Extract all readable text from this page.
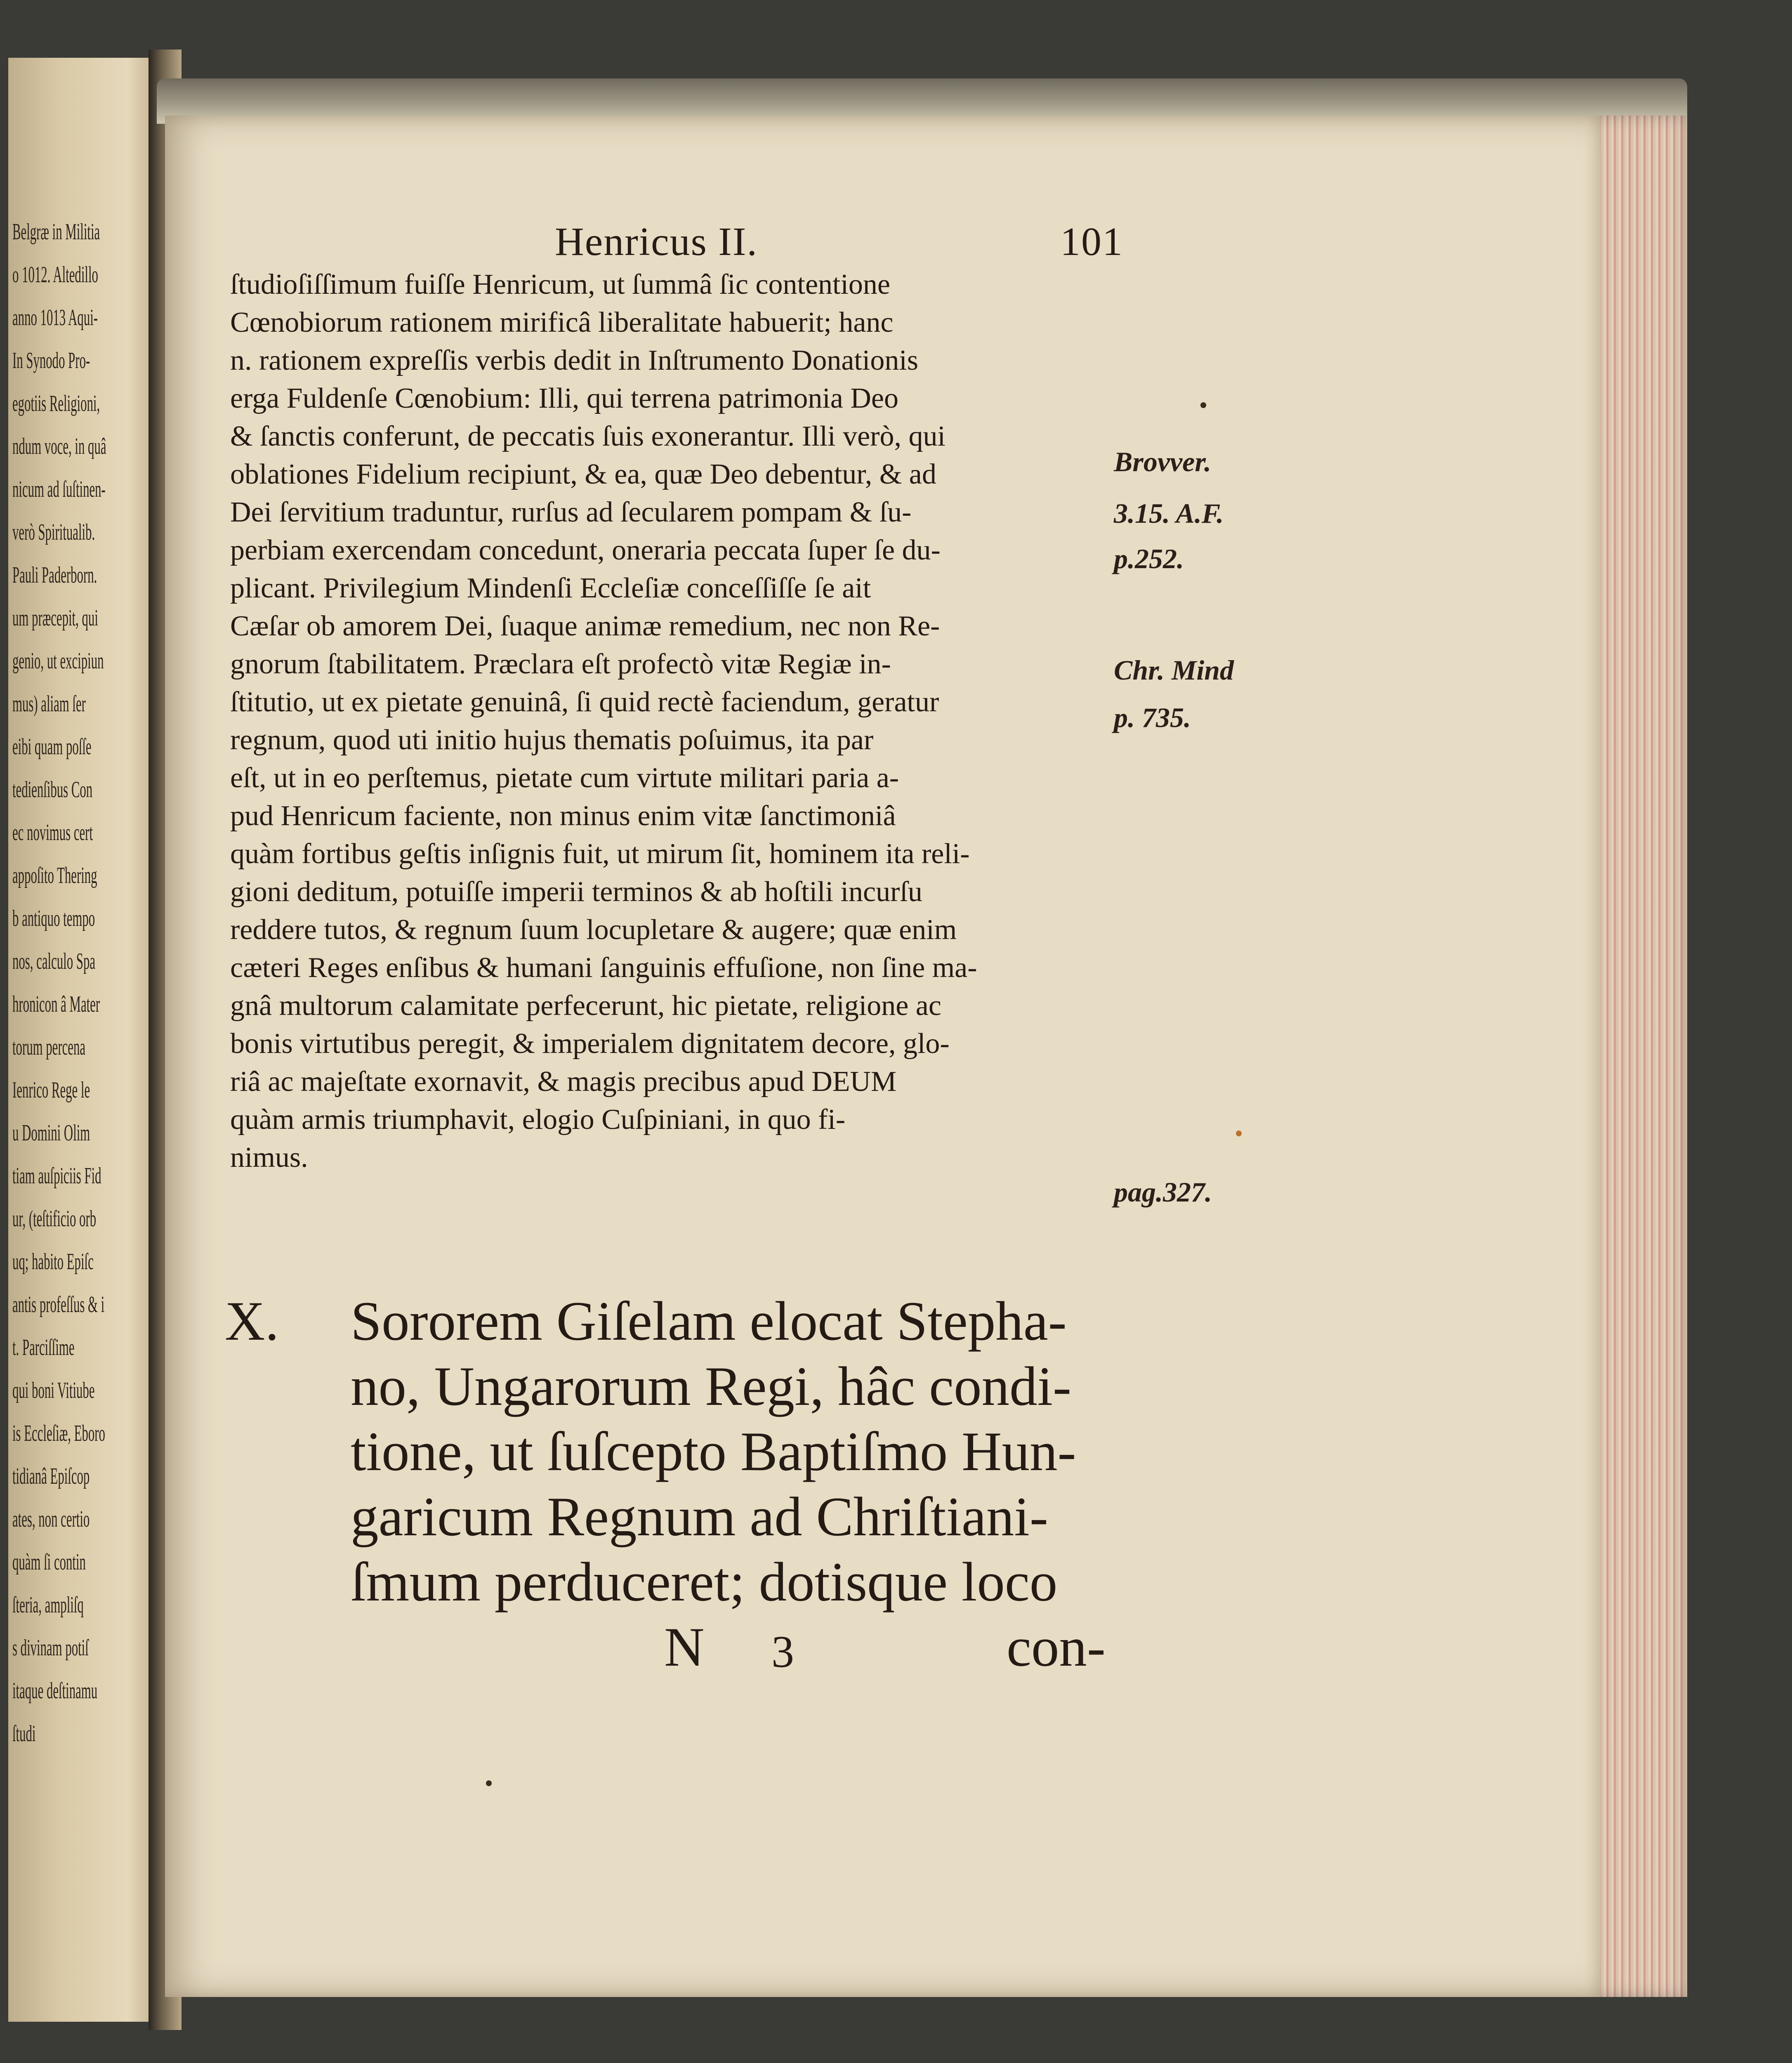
Belgræ in Militia
o 1012. Altedillo
anno 1013 Aqui-
In Synodo Pro-
egotiis Religioni,
ndum voce, in quâ
nicum ad ſuſtinen-
verò Spiritualib.
Pauli Paderborn.
um præcepit, qui
genio, ut excipiun
mus) aliam ſer
eibi quam poſſe
tedienſibus Con
ec novimus cert
appoſito Thering
b antiquo tempo
nos, calculo Spa
hronicon â Mater
torum percena
Ienrico Rege le
u Domini Olim
tiam auſpiciis Fid
ur, (teſtificio orb
uq; habito Epiſc
antis profeſſus & i
t. Parciſſime
qui boni Vitiube
is Eccleſiæ, Eboro
tidianâ Epiſcop
ates, non certio
quàm ſi contin
ſteria, ampliſq
s divinam potiſ
itaque deſtinamu
ſtudi
Henricus II.	101
ſtudioſiſſimum fuiſſe Henricum, ut ſummâ ſic contentione
Cœnobiorum rationem mirificâ liberalitate habuerit; hanc
n. rationem expreſſis verbis dedit in Inſtrumento Donationis
erga Fuldenſe Cœnobium: Illi, qui terrena patrimonia Deo
& ſanctis conferunt, de peccatis ſuis exonerantur. Illi verò, qui
oblationes Fidelium recipiunt, & ea, quæ Deo debentur, & ad
Dei ſervitium traduntur, rurſus ad ſecularem pompam & ſu-
perbiam exercendam concedunt, oneraria peccata ſuper ſe du-
plicant. Privilegium Mindenſi Eccleſiæ conceſſiſſe ſe ait
Cæſar ob amorem Dei, ſuaque animæ remedium, nec non Re-
gnorum ſtabilitatem. Præclara eſt profectò vitæ Regiæ in-
ſtitutio, ut ex pietate genuinâ, ſi quid rectè faciendum, geratur
regnum, quod uti initio hujus thematis poſuimus, ita par
eſt, ut in eo perſtemus, pietate cum virtute militari paria a-
pud Henricum faciente, non minus enim vitæ ſanctimoniâ
quàm fortibus geſtis inſignis fuit, ut mirum ſit, hominem ita reli-
gioni deditum, potuiſſe imperii terminos & ab hoſtili incurſu
reddere tutos, & regnum ſuum locupletare & augere; quæ enim
cæteri Reges enſibus & humani ſanguinis effuſione, non ſine ma-
gnâ multorum calamitate perfecerunt, hic pietate, religione ac
bonis virtutibus peregit, & imperialem dignitatem decore, glo-
riâ ac majeſtate exornavit, & magis precibus apud DEUM
quàm armis triumphavit, elogio Cuſpiniani, in quo fi-
nimus.
Brovver.
3.15. A.F.
p.252.
Chr. Mind
p. 735.
pag.327.
X. Sororem Giſelam elocat Stepha-
no, Ungarorum Regi, hâc condi-
tione, ut ſuſcepto Baptiſmo Hun-
garicum Regnum ad Chriſtiani-
ſmum perduceret; dotisque loco
N 3	con-
